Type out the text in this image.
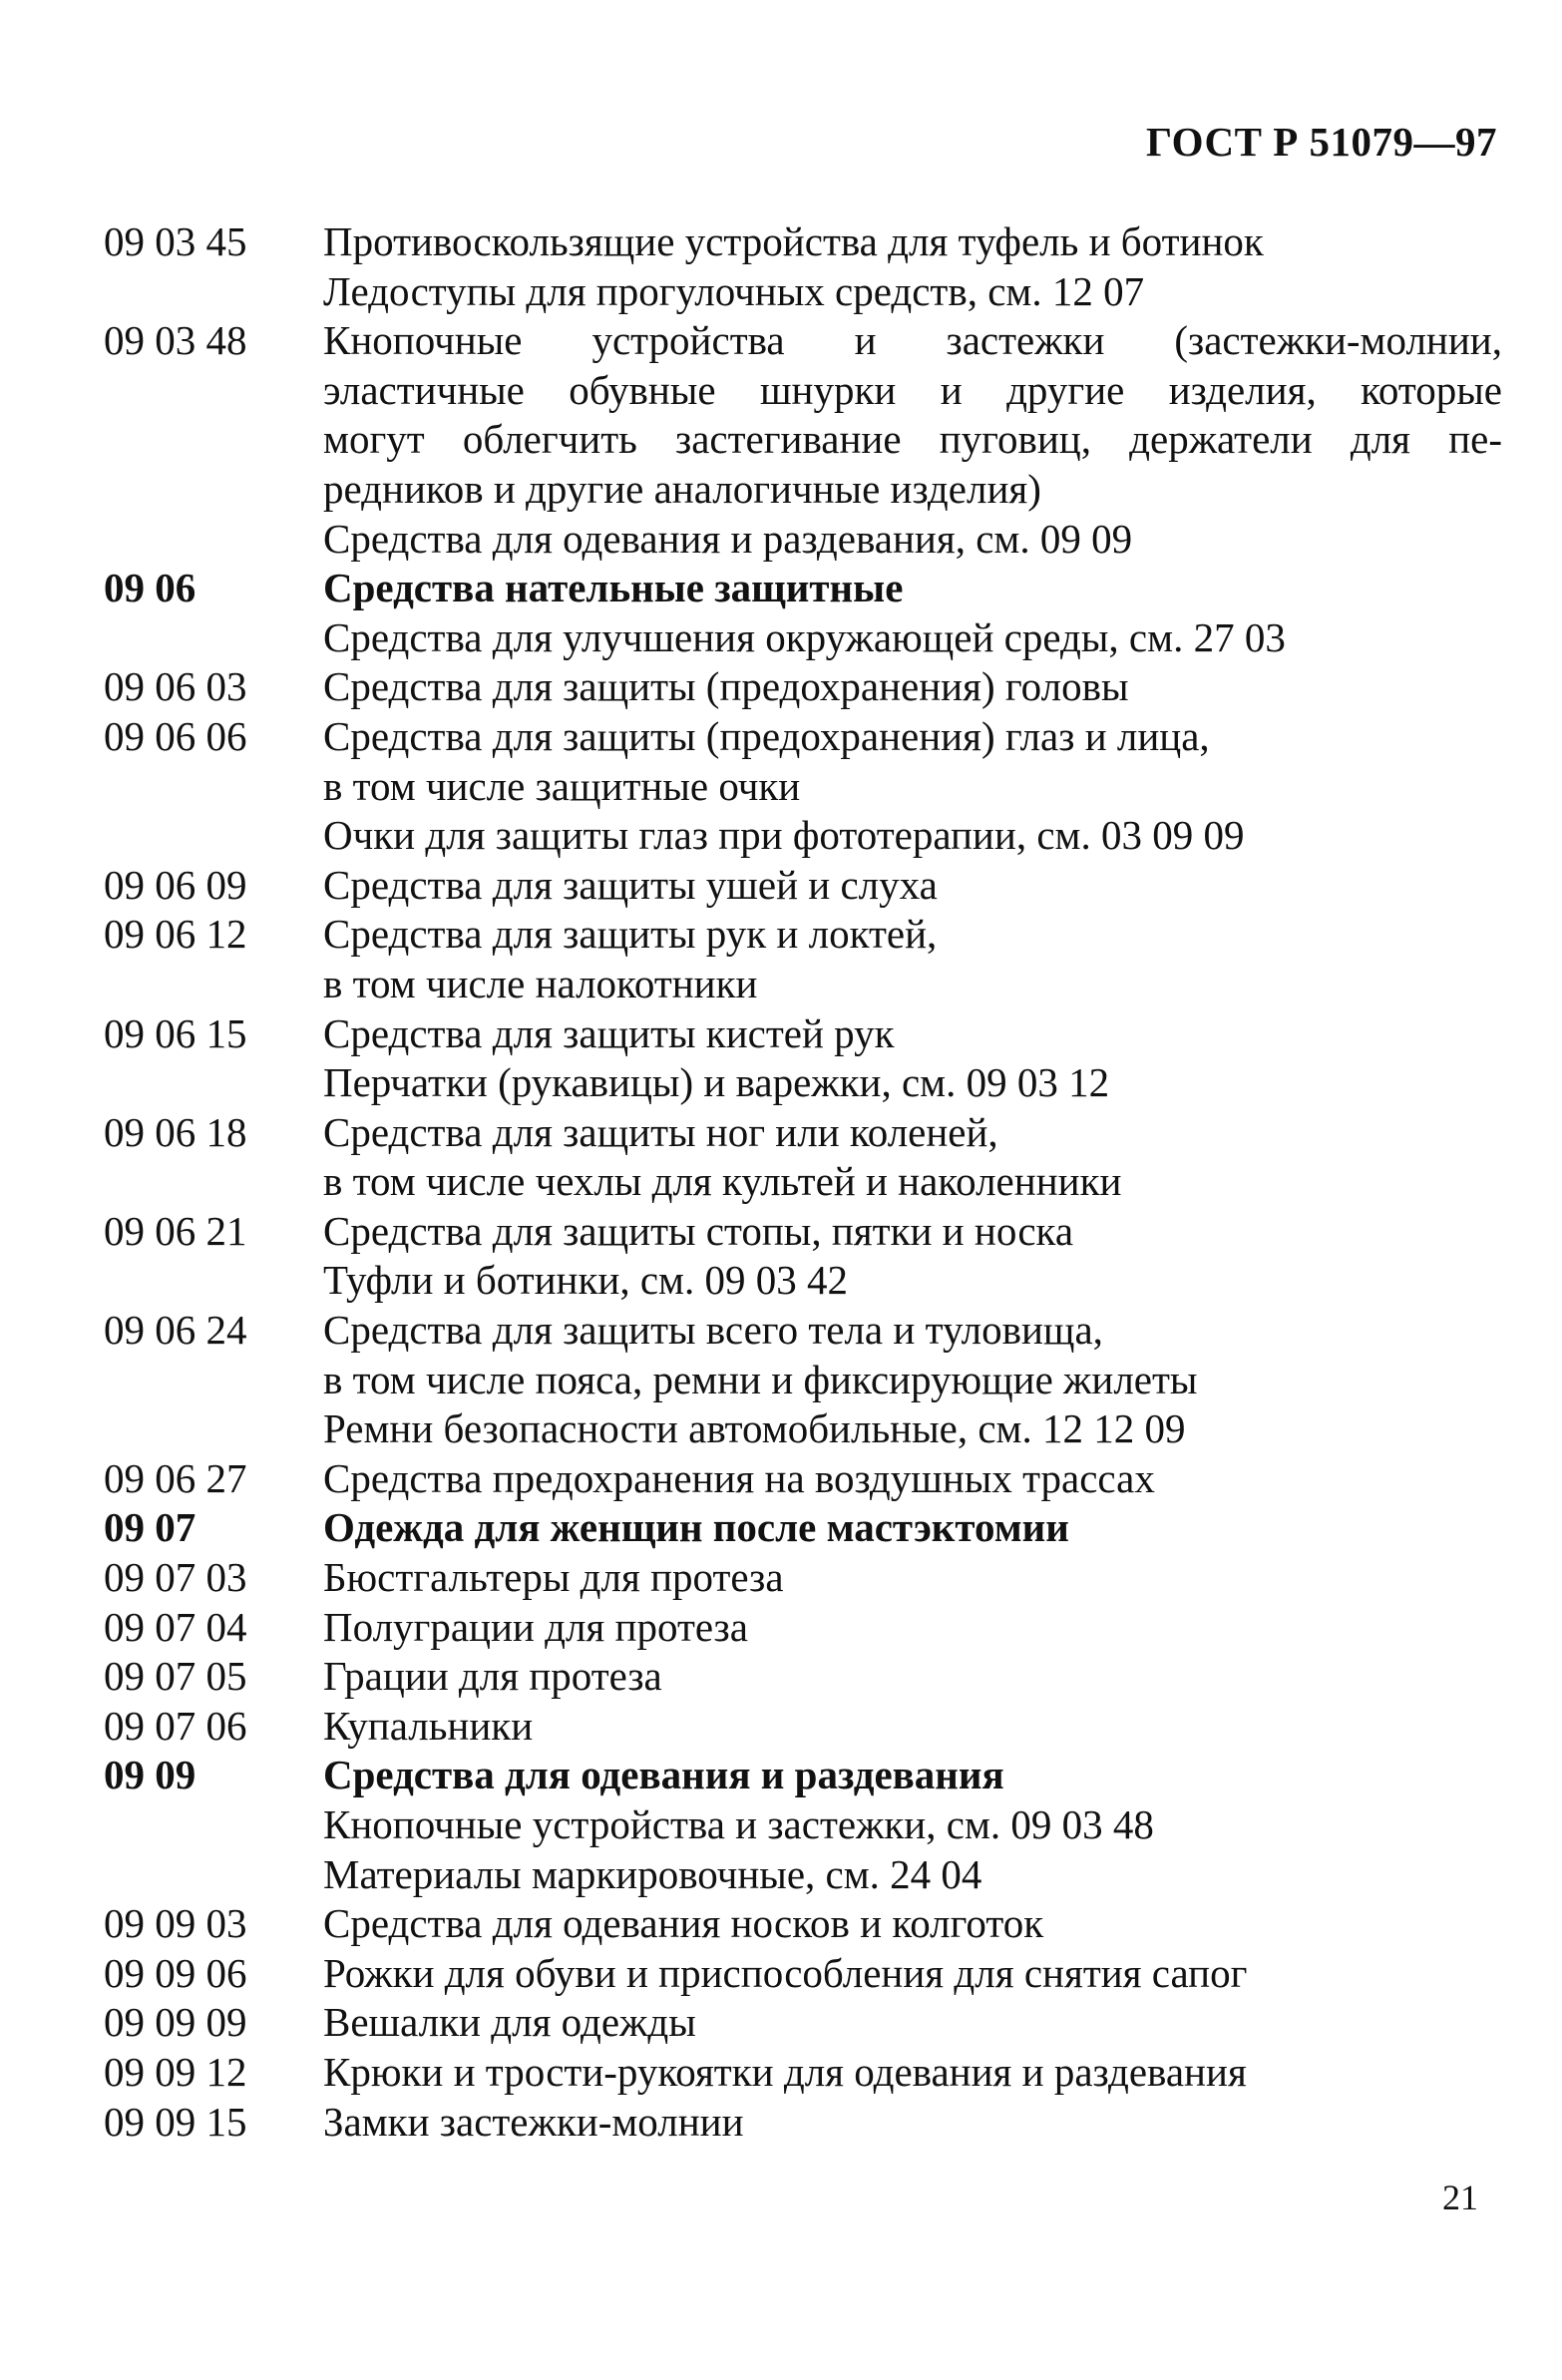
ГОСТ Р 51079—97
09 03 45	Противоскользящие устройства для туфель и ботинок
Ледоступы для прогулочных средств, см. 12 07
09 03 48	Кнопочные устройства и застежки (застежки-молнии,
эластичные обувные шнурки и другие изделия, которые
могут облегчить застегивание пуговиц, держатели для пе-
редников и другие аналогичные изделия)
Средства для одевания и раздевания, см. 09 09
09 06	Средства нательные защитные
Средства для улучшения окружающей среды, см. 27 03
09 06 03	Средства для защиты (предохранения) головы
09 06 06	Средства для защиты (предохранения) глаз и лица,
в том числе защитные очки
Очки для защиты глаз при фототерапии, см. 03 09 09
09 06 09	Средства для защиты ушей и слуха
09 06 12	Средства для защиты рук и локтей,
в том числе налокотники
09 06 15	Средства для защиты кистей рук
Перчатки (рукавицы) и варежки, см. 09 03 12
09 06 18	Средства для защиты ног или коленей,
в том числе чехлы для культей и наколенники
09 06 21	Средства для защиты стопы, пятки и носка
Туфли и ботинки, см. 09 03 42
09 06 24	Средства для защиты всего тела и туловища,
в том числе пояса, ремни и фиксирующие жилеты
Ремни безопасности автомобильные, см. 12 12 09
09 06 27	Средства предохранения на воздушных трассах
09 07	Одежда для женщин после мастэктомии
09 07 03	Бюстгальтеры для протеза
09 07 04	Полуграции для протеза
09 07 05	Грации для протеза
09 07 06	Купальники
09 09	Средства для одевания и раздевания
Кнопочные устройства и застежки, см. 09 03 48
Материалы маркировочные, см. 24 04
09 09 03	Средства для одевания носков и колготок
09 09 06	Рожки для обуви и приспособления для снятия сапог
09 09 09	Вешалки для одежды
09 09 12	Крюки и трости-рукоятки для одевания и раздевания
09 09 15	Замки застежки-молнии
21
